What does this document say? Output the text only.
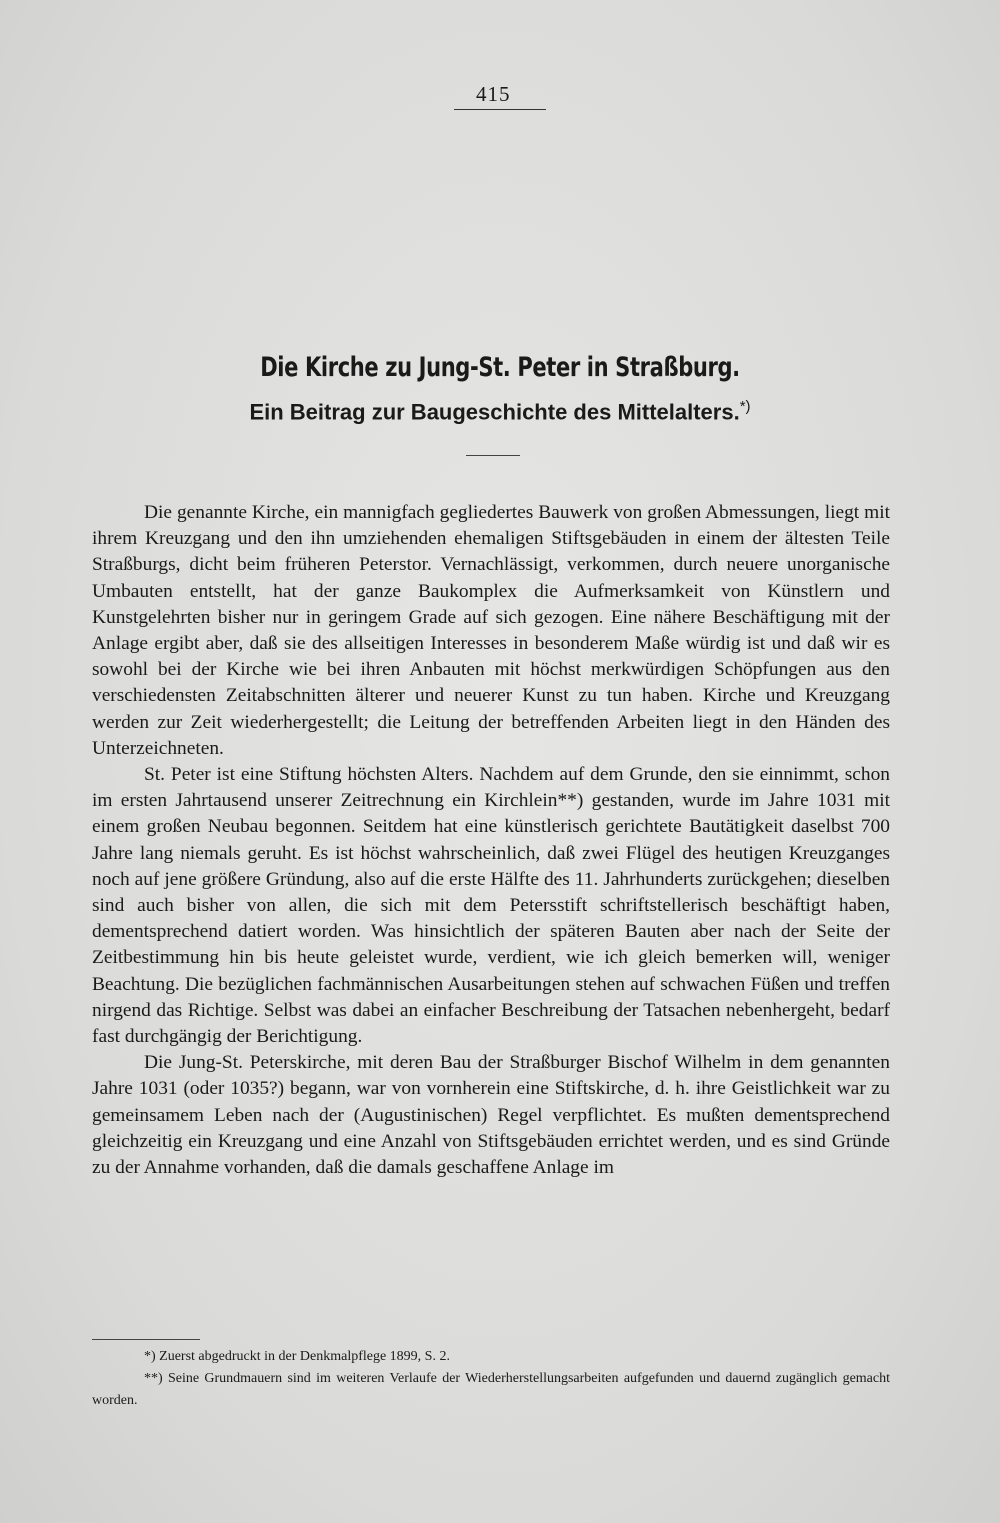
415
Die Kirche zu Jung-St. Peter in Straßburg.
Ein Beitrag zur Baugeschichte des Mittelalters.*)

Die genannte Kirche, ein mannigfach gegliedertes Bauwerk von großen Abmessungen, liegt mit ihrem Kreuzgang und den ihn umziehenden ehemaligen Stiftsgebäuden in einem der ältesten Teile Straßburgs, dicht beim früheren Peterstor. Vernachlässigt, verkommen, durch neuere unorganische Umbauten entstellt, hat der ganze Baukomplex die Aufmerksamkeit von Künstlern und Kunstgelehrten bisher nur in geringem Grade auf sich gezogen. Eine nähere Beschäftigung mit der Anlage ergibt aber, daß sie des allseitigen Interesses in besonderem Maße würdig ist und daß wir es sowohl bei der Kirche wie bei ihren Anbauten mit höchst merkwürdigen Schöpfungen aus den verschiedensten Zeitabschnitten älterer und neuerer Kunst zu tun haben. Kirche und Kreuzgang werden zur Zeit wiederhergestellt; die Leitung der betreffenden Arbeiten liegt in den Händen des Unterzeichneten.

St. Peter ist eine Stiftung höchsten Alters. Nachdem auf dem Grunde, den sie einnimmt, schon im ersten Jahrtausend unserer Zeitrechnung ein Kirchlein**) gestanden, wurde im Jahre 1031 mit einem großen Neubau begonnen. Seitdem hat eine künstlerisch gerichtete Bautätigkeit daselbst 700 Jahre lang niemals geruht. Es ist höchst wahrscheinlich, daß zwei Flügel des heutigen Kreuzganges noch auf jene größere Gründung, also auf die erste Hälfte des 11. Jahrhunderts zurückgehen; dieselben sind auch bisher von allen, die sich mit dem Petersstift schriftstellerisch beschäftigt haben, dementsprechend datiert worden. Was hinsichtlich der späteren Bauten aber nach der Seite der Zeitbestimmung hin bis heute geleistet wurde, verdient, wie ich gleich bemerken will, weniger Beachtung. Die bezüglichen fachmännischen Ausarbeitungen stehen auf schwachen Füßen und treffen nirgend das Richtige. Selbst was dabei an einfacher Beschreibung der Tatsachen nebenhergeht, bedarf fast durchgängig der Berichtigung.

Die Jung-St. Peterskirche, mit deren Bau der Straßburger Bischof Wilhelm in dem genannten Jahre 1031 (oder 1035?) begann, war von vornherein eine Stiftskirche, d. h. ihre Geistlichkeit war zu gemeinsamem Leben nach der (Augustinischen) Regel verpflichtet. Es mußten dementsprechend gleichzeitig ein Kreuzgang und eine Anzahl von Stiftsgebäuden errichtet werden, und es sind Gründe zu der Annahme vorhanden, daß die damals geschaffene Anlage im

*) Zuerst abgedruckt in der Denkmalpflege 1899, S. 2.

**) Seine Grundmauern sind im weiteren Verlaufe der Wiederherstellungsarbeiten aufgefunden und dauernd zugänglich gemacht worden.
